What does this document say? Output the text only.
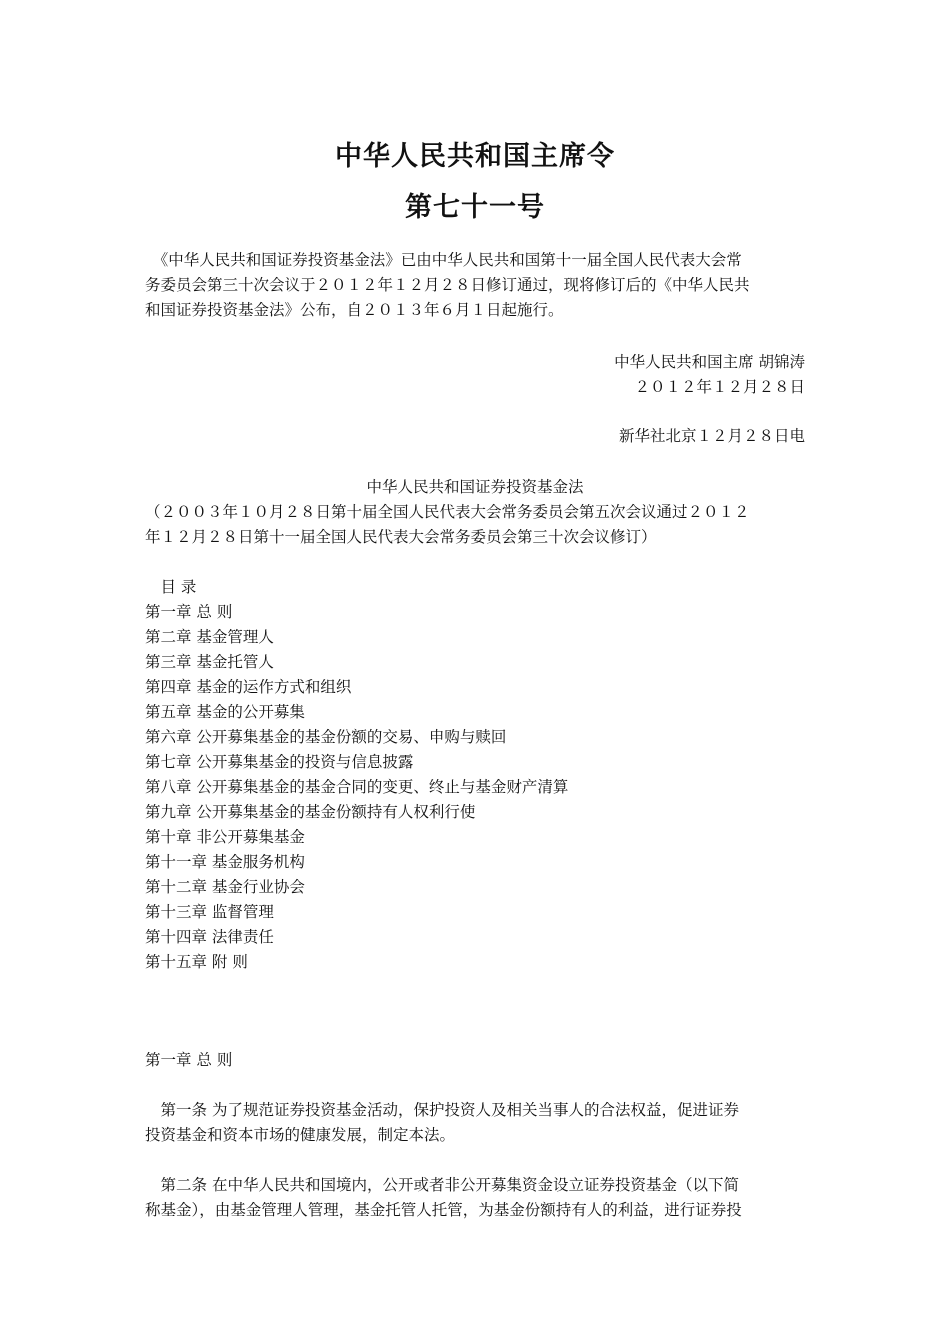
中华人民共和国主席令
第七十一号
　《中华人民共和国证券投资基金法》已由中华人民共和国第十一届全国人民代表大会常
务委员会第三十次会议于２０１２年１２月２８日修订通过，现将修订后的《中华人民共
和国证券投资基金法》公布，自２０１３年６月１日起施行。
中华人民共和国主席 胡锦涛
２０１２年１２月２８日
新华社北京１２月２８日电
中华人民共和国证券投资基金法
（２００３年１０月２８日第十届全国人民代表大会常务委员会第五次会议通过２０１２
年１２月２８日第十一届全国人民代表大会常务委员会第三十次会议修订）
　目 录
第一章 总 则
第二章 基金管理人
第三章 基金托管人
第四章 基金的运作方式和组织
第五章 基金的公开募集
第六章 公开募集基金的基金份额的交易、申购与赎回
第七章 公开募集基金的投资与信息披露
第八章 公开募集基金的基金合同的变更、终止与基金财产清算
第九章 公开募集基金的基金份额持有人权利行使
第十章 非公开募集基金
第十一章 基金服务机构
第十二章 基金行业协会
第十三章 监督管理
第十四章 法律责任
第十五章 附 则
第一章 总 则
　第一条 为了规范证券投资基金活动，保护投资人及相关当事人的合法权益，促进证券
投资基金和资本市场的健康发展，制定本法。
　第二条 在中华人民共和国境内，公开或者非公开募集资金设立证券投资基金（以下简
称基金），由基金管理人管理，基金托管人托管，为基金份额持有人的利益，进行证券投
